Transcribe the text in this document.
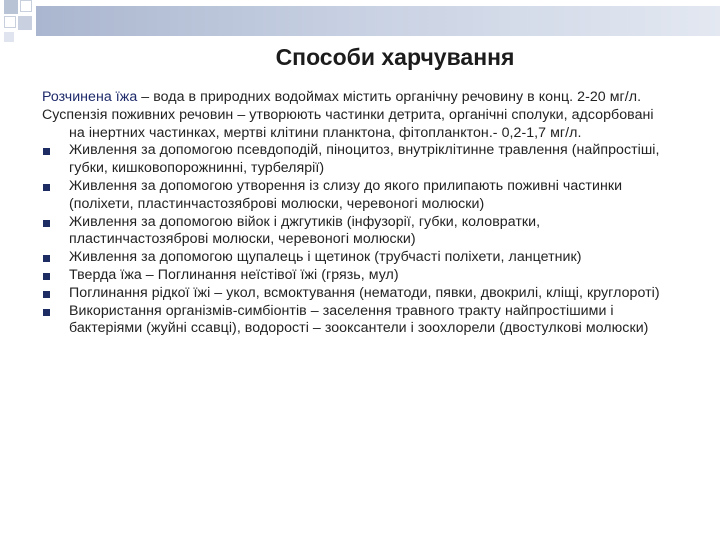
Способи харчування

Розчинена їжа – вода в природних водоймах містить органічну речовину в конц. 2-20 мг/л.

Суспензія поживних речовин – утворюють частинки детрита, органічні сполуки, адсорбовані на інертних частинках, мертві клітини планктона, фітопланктон.- 0,2-1,7 мг/л.

Живлення за допомогою псевдоподій, піноцитоз, внутріклітинне травлення (найпростіші, губки, кишковопорожнинні, турбелярії)
Живлення за допомогою утворення із слизу до якого прилипають поживні частинки (поліхети, пластинчастозяброві молюски, черевоногі молюски)
Живлення за допомогою війок і джгутиків (інфузорії, губки, коловратки, пластинчастозяброві молюски, черевоногі молюски)
Живлення за допомогою щупалець і щетинок (трубчасті поліхети, ланцетник)
Тверда їжа – Поглинання неїстівої їжі (грязь, мул)
Поглинання рідкої їжі – укол, всмоктування (нематоди, пявки, двокрилі, кліщі, круглороті)
Використання організмів-симбіонтів – заселення травного тракту найпростішими і бактеріями (жуйні ссавці), водорості – зооксантели і зоохлорели (двостулкові молюски)
